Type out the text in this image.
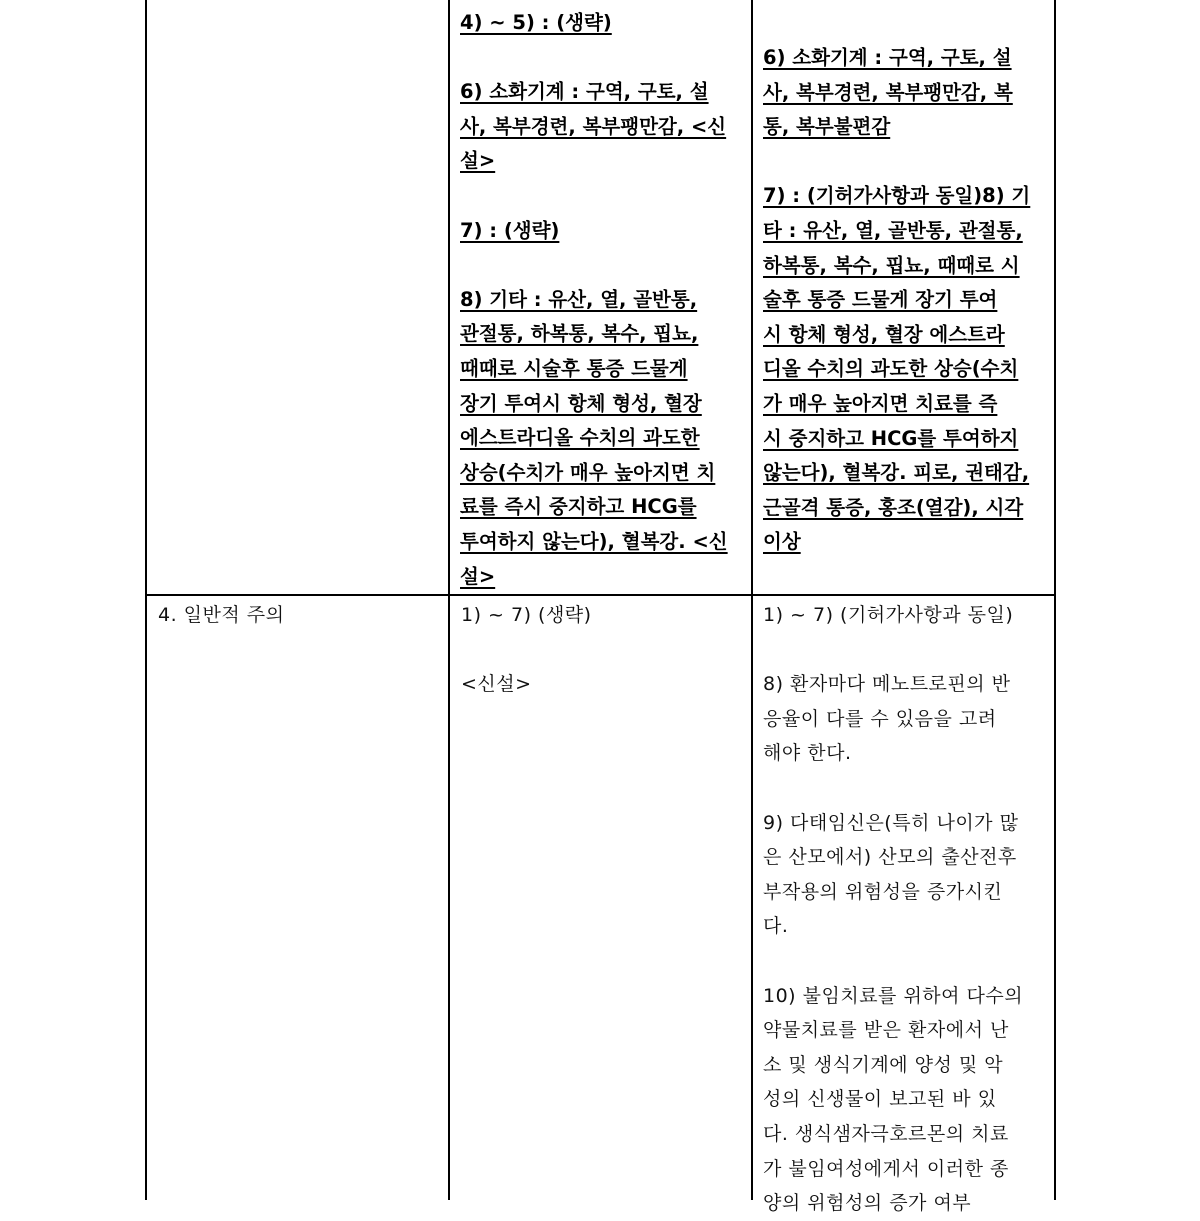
4) ~ 5) : (생략)

6) 소화기계 : 구역, 구토, 설

사, 복부경련, 복부팽만감, <신

설>

7) : (생략)

8) 기타 : 유산, 열, 골반통,

관절통, 하복통, 복수, 핍뇨,

때때로 시술후 통증 드물게

장기 투여시 항체 형성, 혈장

에스트라디올 수치의 과도한

상승(수치가 매우 높아지면 치

료를 즉시 중지하고 HCG를

투여하지 않는다), 혈복강. <신

설>

6) 소화기계 : 구역, 구토, 설

사, 복부경련, 복부팽만감, 복

통, 복부불편감

7) : (기허가사항과 동일)8) 기

타 : 유산, 열, 골반통, 관절통,

하복통, 복수, 핍뇨, 때때로 시

술후 통증 드물게 장기 투여

시 항체 형성, 혈장 에스트라

디올 수치의 과도한 상승(수치

가 매우 높아지면 치료를 즉

시 중지하고 HCG를 투여하지

않는다), 혈복강. 피로, 권태감,

근골격 통증, 홍조(열감), 시각

이상

4. 일반적 주의	1) ~ 7) (생략)

<신설>

1) ~ 7) (기허가사항과 동일)

8) 환자마다 메노트로핀의 반

응율이 다를 수 있음을 고려

해야 한다.

9) 다태임신은(특히 나이가 많

은 산모에서) 산모의 출산전후

부작용의 위험성을 증가시킨

다.

10) 불임치료를 위하여 다수의

약물치료를 받은 환자에서 난

소 및 생식기계에 양성 및 악

성의 신생물이 보고된 바 있

다. 생식샘자극호르몬의 치료

가 불임여성에게서 이러한 종

양의 위험성의 증가 여부
